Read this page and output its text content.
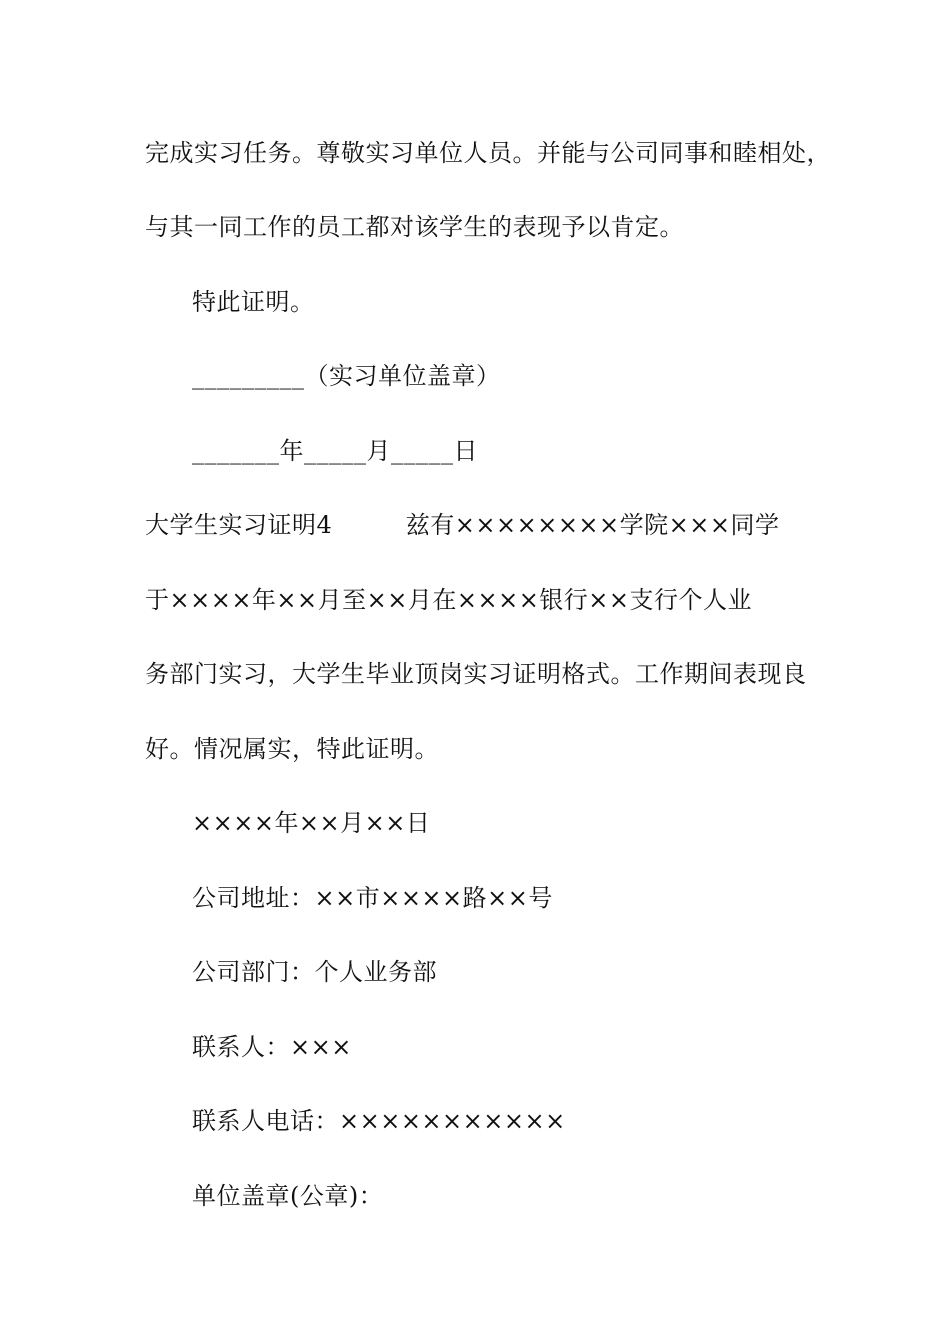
完成实习任务。尊敬实习单位人员。并能与公司同事和睦相处，
与其一同工作的员工都对该学生的表现予以肯定。
特此证明。
_________（实习单位盖章）
_______年_____月_____日
大学生实习证明4　　　兹有××××××××学院×××同学
于××××年××月至××月在××××银行××支行个人业
务部门实习，大学生毕业顶岗实习证明格式。工作期间表现良
好。情况属实，特此证明。
××××年××月××日
公司地址：××市××××路××号
公司部门：个人业务部
联系人：×××
联系人电话：×××××××××××
单位盖章(公章)：
